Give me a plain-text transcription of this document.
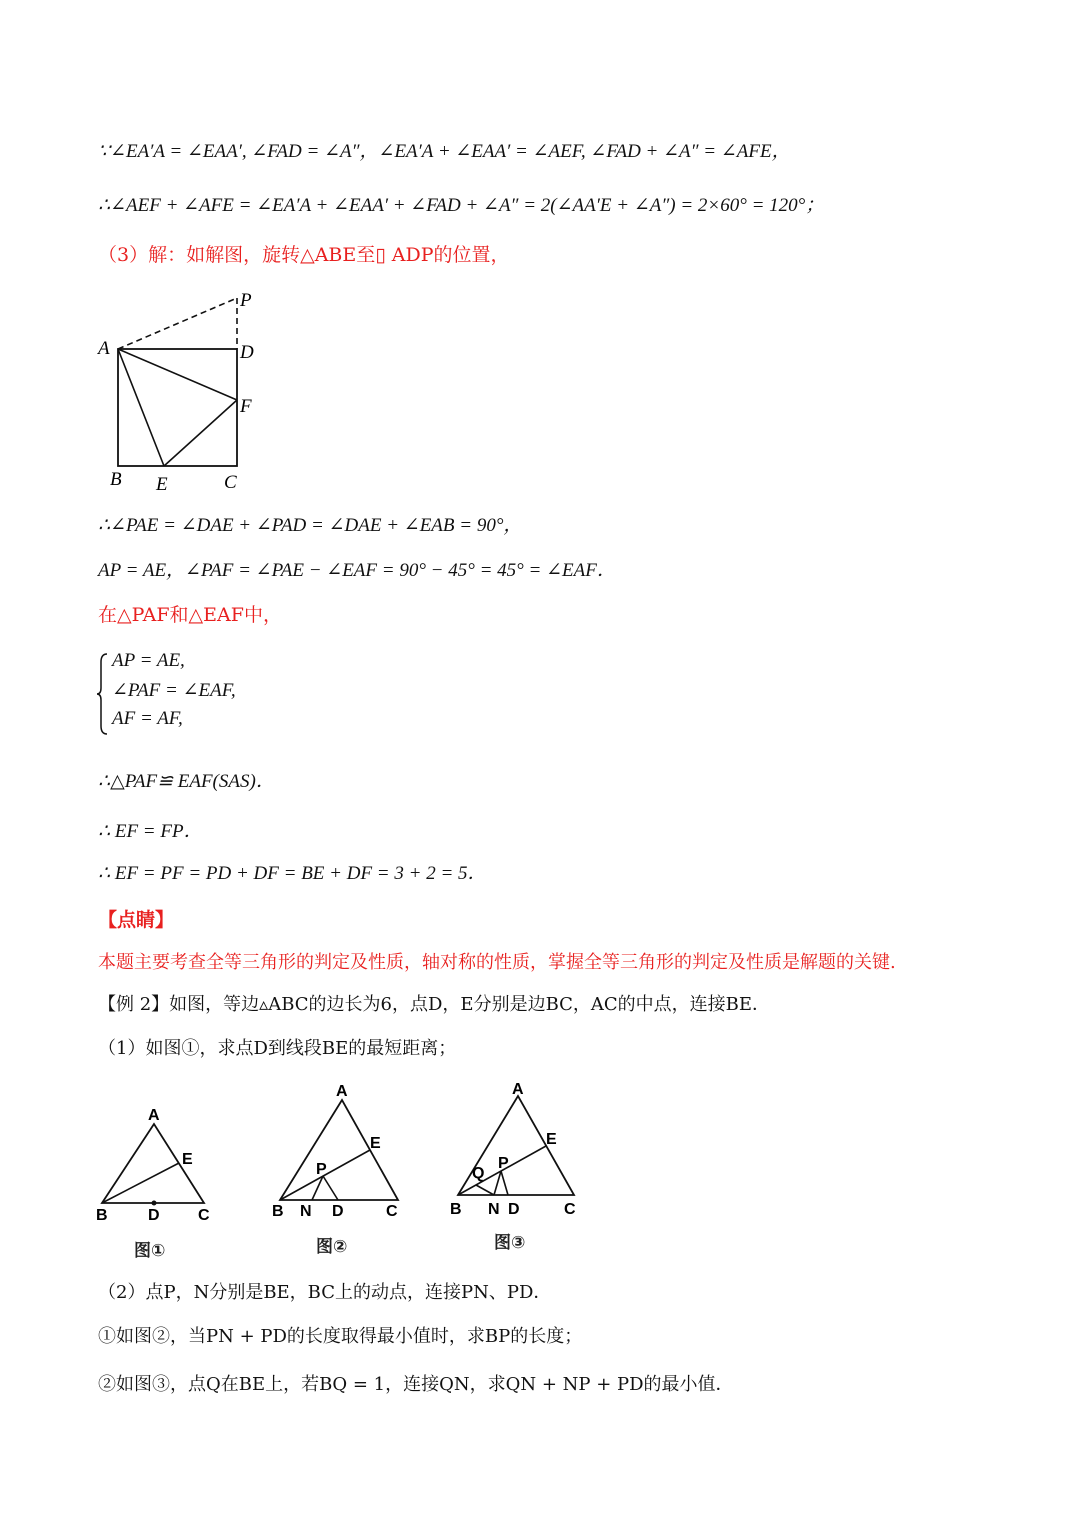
∵∠EA′A = ∠EAA′, ∠FAD = ∠A″，∠EA′A + ∠EAA′ = ∠AEF, ∠FAD + ∠A″ = ∠AFE，
∴∠AEF + ∠AFE = ∠EA′A + ∠EAA′ + ∠FAD + ∠A″ = 2(∠AA′E + ∠A″) = 2×60° = 120°；
（3）解：如解图，旋转△ABE至▯ ADP的位置，
P
A	D
F
B E	C
∴∠PAE = ∠DAE + ∠PAD = ∠DAE + ∠EAB = 90°，
AP = AE，∠PAF = ∠PAE − ∠EAF = 90° − 45° = 45° = ∠EAF．
在△PAF和△EAF中，
AP = AE,
∠PAF = ∠EAF,
AF = AF,
∴△PAF≌ EAF(SAS)．
∴ EF = FP．
∴ EF = PF = PD + DF = BE + DF = 3 + 2 = 5．
【点睛】
本题主要考查全等三角形的判定及性质，轴对称的性质，掌握全等三角形的判定及性质是解题的关键.
【例 2】如图，等边▵ABC的边长为6，点D，E分别是边BC，AC的中点，连接BE．
（1）如图①，求点D到线段BE的最短距离；
A
E
B	D C
图①
A
E
P
B N D	C
图②
A
E
Q
P
B N D	C
图③
（2）点P，N分别是BE，BC上的动点，连接PN、PD．
①如图②，当PN + PD的长度取得最小值时，求BP的长度；
②如图③，点Q在BE上，若BQ = 1，连接QN，求QN + NP + PD的最小值．
